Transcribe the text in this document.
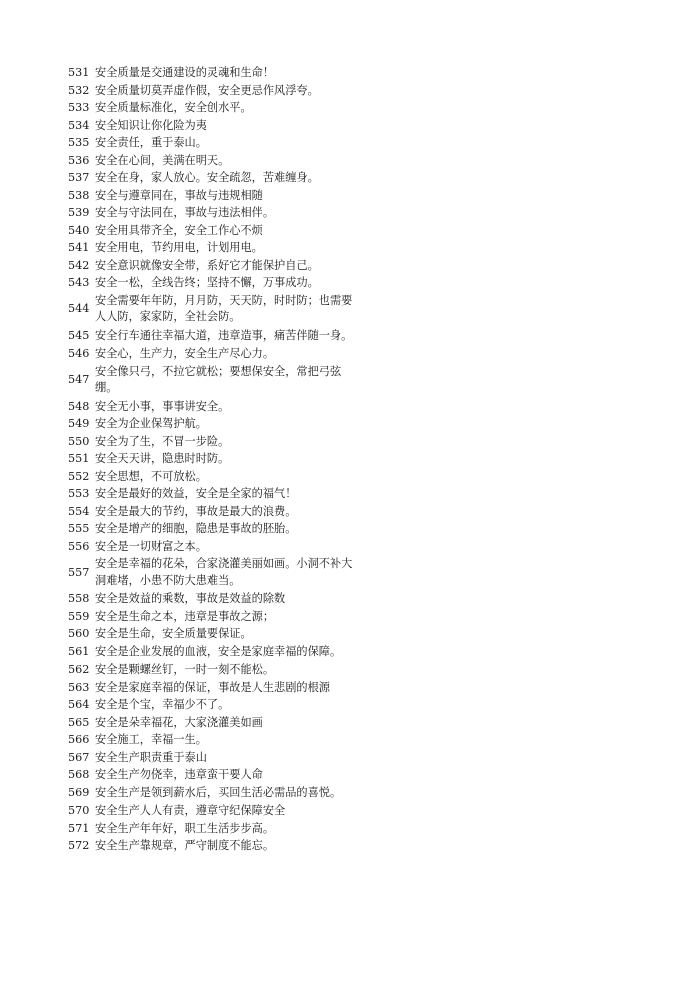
531	安全质量是交通建设的灵魂和生命！
532	安全质量切莫弄虚作假，安全更忌作风浮夸。
533	安全质量标准化，安全创水平。
534	安全知识让你化险为夷
535	安全责任，重于泰山。
536	安全在心间，美满在明天。
537	安全在身，家人放心。安全疏忽，苦难缠身。
538	安全与遵章同在，事故与违规相随
539	安全与守法同在，事故与违法相伴。
540	安全用具带齐全，安全工作心不烦
541	安全用电，节约用电，计划用电。
542	安全意识就像安全带，系好它才能保护自己。
543	安全一松，全线告终；坚持不懈，万事成功。
544	安全需要年年防，月月防，天天防，时时防；也需要人人防，家家防，全社会防。
545	安全行车通往幸福大道，违章造事，痛苦伴随一身。
546	安全心，生产力，安全生产尽心力。
547	安全像只弓，不拉它就松；要想保安全，常把弓弦绷。
548	安全无小事，事事讲安全。
549	安全为企业保驾护航。
550	安全为了生，不冒一步险。
551	安全天天讲，隐患时时防。
552	安全思想，不可放松。
553	安全是最好的效益，安全是全家的福气！
554	安全是最大的节约，事故是最大的浪费。
555	安全是增产的细胞，隐患是事故的胚胎。
556	安全是一切财富之本。
557	安全是幸福的花朵，合家浇灌美丽如画。小洞不补大洞难堵，小患不防大患难当。
558	安全是效益的乘数，事故是效益的除数
559	安全是生命之本，违章是事故之源；
560	安全是生命，安全质量要保证。
561	安全是企业发展的血液，安全是家庭幸福的保障。
562	安全是颗螺丝钉，一时一刻不能松。
563	安全是家庭幸福的保证，事故是人生悲剧的根源
564	安全是个宝，幸福少不了。
565	安全是朵幸福花，大家浇灌美如画
566	安全施工，幸福一生。
567	安全生产职责重于泰山
568	安全生产勿侥幸，违章蛮干要人命
569	安全生产是领到薪水后，买回生活必需品的喜悦。
570	安全生产人人有责，遵章守纪保障安全
571	安全生产年年好，职工生活步步高。
572	安全生产靠规章，严守制度不能忘。
